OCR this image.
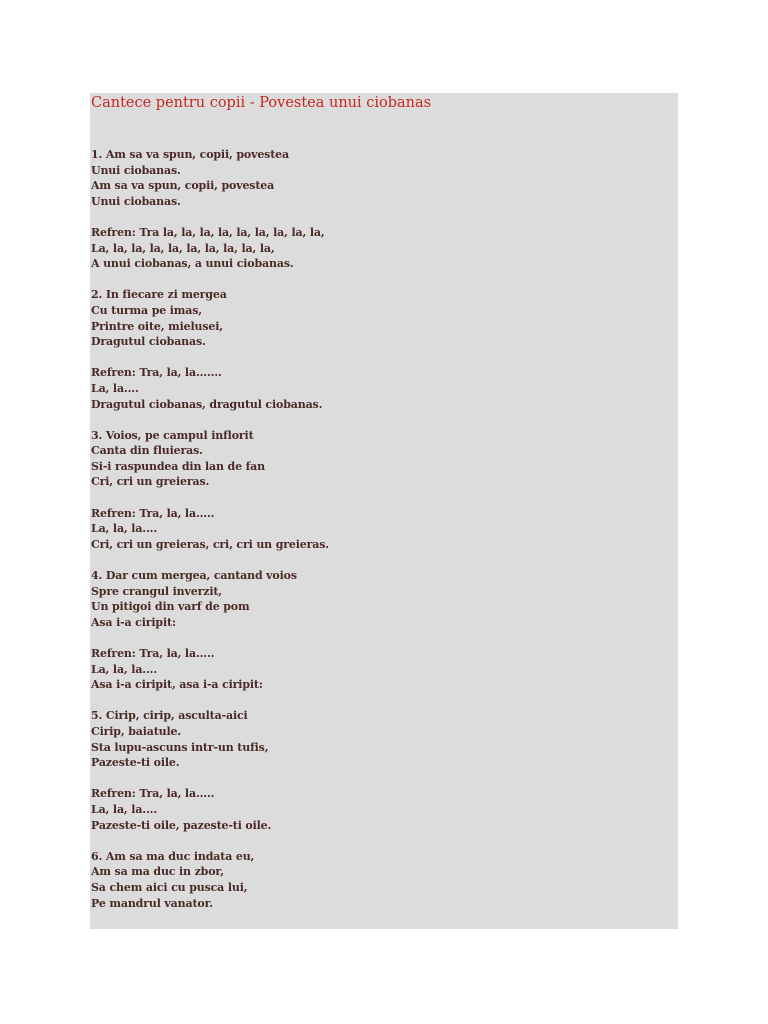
Cantece pentru copii - Povestea unui ciobanas
1. Am sa va spun, copii, povestea
Unui ciobanas.
Am sa va spun, copii, povestea
Unui ciobanas.
Refren: Tra la, la, la, la, la, la, la, la, la,
La, la, la, la, la, la, la, la, la, la,
A unui ciobanas, a unui ciobanas.
2. In fiecare zi mergea
Cu turma pe imas,
Printre oite, mielusei,
Dragutul ciobanas.
Refren: Tra, la, la.......
La, la....
Dragutul ciobanas, dragutul ciobanas.
3. Voios, pe campul inflorit
Canta din fluieras.
Si-i raspundea din lan de fan
Cri, cri un greieras.
Refren: Tra, la, la.....
La, la, la....
Cri, cri un greieras, cri, cri un greieras.
4. Dar cum mergea, cantand voios
Spre crangul inverzit,
Un pitigoi din varf de pom
Asa i-a ciripit:
Refren: Tra, la, la.....
La, la, la....
Asa i-a ciripit, asa i-a ciripit:
5. Cirip, cirip, asculta-aici
Cirip, baiatule.
Sta lupu-ascuns intr-un tufis,
Pazeste-ti oile.
Refren: Tra, la, la.....
La, la, la....
Pazeste-ti oile, pazeste-ti oile.
6. Am sa ma duc indata eu,
Am sa ma duc in zbor,
Sa chem aici cu pusca lui,
Pe mandrul vanator.
